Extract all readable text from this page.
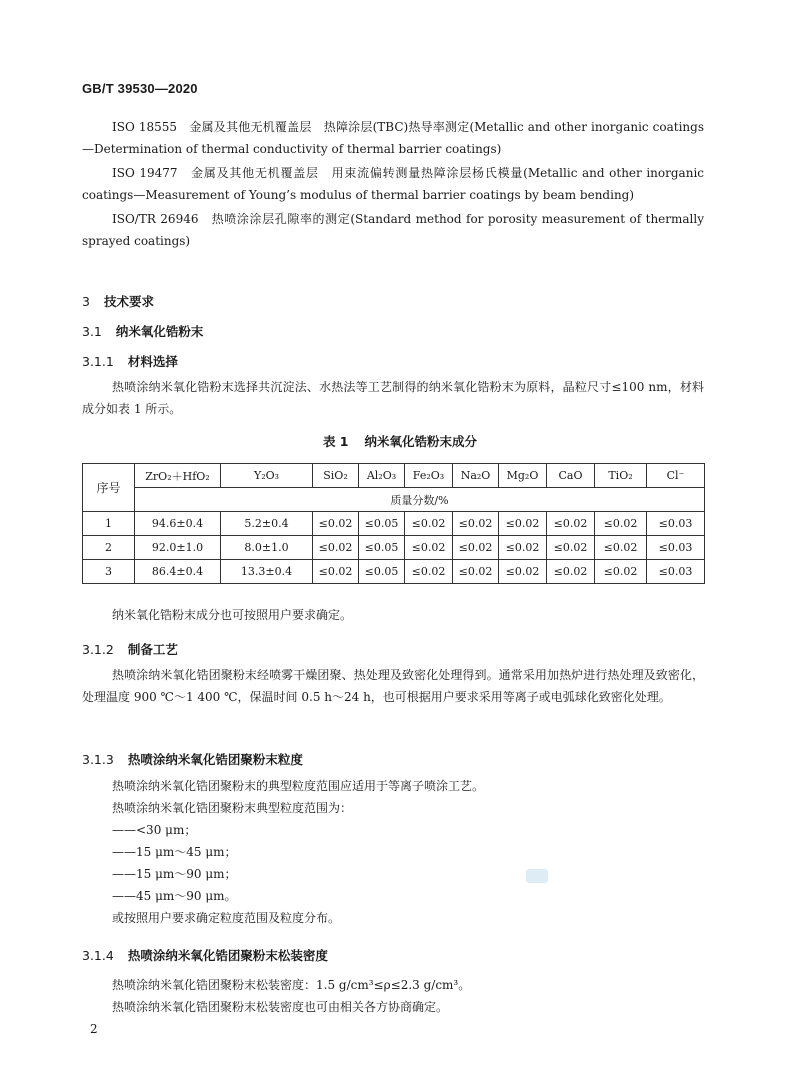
GB/T 39530—2020

ISO 18555　金属及其他无机覆盖层　热障涂层(TBC)热导率测定(Metallic and other inorganic coatings—Determination of thermal conductivity of thermal barrier coatings)

ISO 19477　金属及其他无机覆盖层　用束流偏转测量热障涂层杨氏模量(Metallic and other inorganic coatings—Measurement of Young’s modulus of thermal barrier coatings by beam bending)

ISO/TR 26946　热喷涂涂层孔隙率的测定(Standard method for porosity measurement of thermally sprayed coatings)

3 技术要求
3.1 纳米氧化锆粉末
3.1.1 材料选择
热喷涂纳米氧化锆粉末选择共沉淀法、水热法等工艺制得的纳米氧化锆粉末为原料，晶粒尺寸≤100 nm，材料成分如表 1 所示。
表 1 纳米氧化锆粉末成分
序号	ZrO₂＋HfO₂	Y₂O₃	SiO₂	Al₂O₃	Fe₂O₃	Na₂O	Mg₂O	CaO	TiO₂	Cl⁻
	质量分数/%									
1	94.6±0.4	5.2±0.4	≤0.02	≤0.05	≤0.02	≤0.02	≤0.02	≤0.02	≤0.02	≤0.03
2	92.0±1.0	8.0±1.0	≤0.02	≤0.05	≤0.02	≤0.02	≤0.02	≤0.02	≤0.02	≤0.03
3	86.4±0.4	13.3±0.4	≤0.02	≤0.05	≤0.02	≤0.02	≤0.02	≤0.02	≤0.02	≤0.03
纳米氧化锆粉末成分也可按照用户要求确定。
3.1.2 制备工艺
热喷涂纳米氧化锆团聚粉末经喷雾干燥团聚、热处理及致密化处理得到。通常采用加热炉进行热处理及致密化，处理温度 900 ℃～1 400 ℃，保温时间 0.5 h～24 h，也可根据用户要求采用等离子或电弧球化致密化处理。
3.1.3 热喷涂纳米氧化锆团聚粉末粒度
热喷涂纳米氧化锆团聚粉末的典型粒度范围应适用于等离子喷涂工艺。
热喷涂纳米氧化锆团聚粉末典型粒度范围为：
——<30 μm；
——15 μm～45 μm；
——15 μm～90 μm；
——45 μm～90 μm。
或按照用户要求确定粒度范围及粒度分布。
3.1.4 热喷涂纳米氧化锆团聚粉末松装密度
热喷涂纳米氧化锆团聚粉末松装密度：1.5 g/cm³≤ρ≤2.3 g/cm³。
热喷涂纳米氧化锆团聚粉末松装密度也可由相关各方协商确定。
2
